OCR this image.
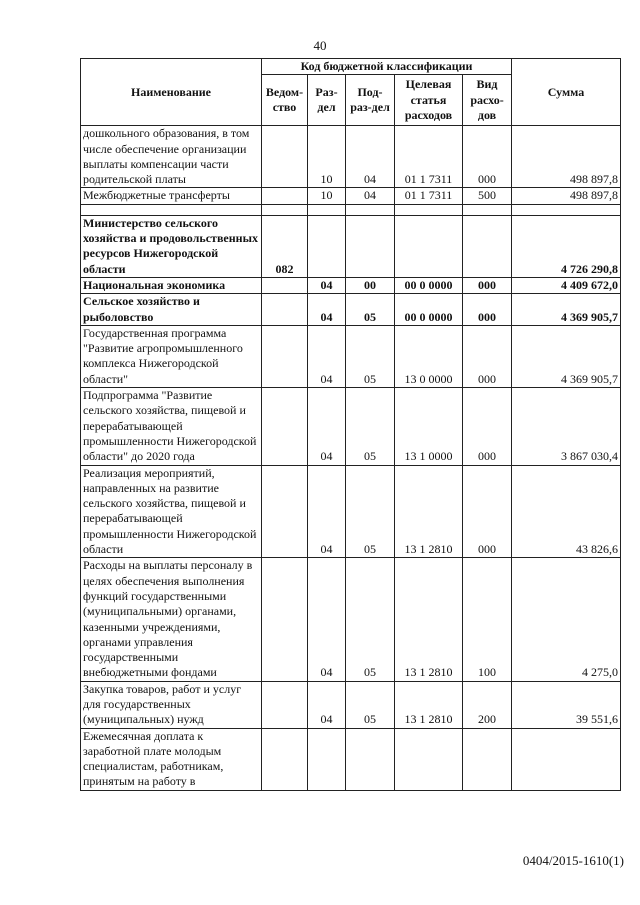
40
Наименование	Код бюджетной классификации					Сумма
	Ведом-ство	Раз-дел	Под-раз-дел	Целевая статья расходов	Вид расхо-дов	
дошкольного образования, в том числе обеспечение организации выплаты компенсации части родительской платы		10	04	01 1 7311	000	498 897,8
Межбюджетные трансферты		10	04	01 1 7311	500	498 897,8

Министерство сельского хозяйства и продовольственных ресурсов Нижегородской области	082					4 726 290,8
Национальная экономика		04	00	00 0 0000	000	4 409 672,0
Сельское хозяйство и рыболовство		04	05	00 0 0000	000	4 369 905,7
Государственная программа "Развитие агропромышленного комплекса Нижегородской области"		04	05	13 0 0000	000	4 369 905,7
Подпрограмма "Развитие сельского хозяйства, пищевой и перерабатывающей промышленности Нижегородской области" до 2020 года		04	05	13 1 0000	000	3 867 030,4
Реализация мероприятий, направленных на развитие сельского хозяйства, пищевой и перерабатывающей промышленности Нижегородской области		04	05	13 1 2810	000	43 826,6
Расходы на выплаты персоналу в целях обеспечения выполнения функций государственными (муниципальными) органами, казенными учреждениями, органами управления государственными внебюджетными фондами		04	05	13 1 2810	100	4 275,0
Закупка товаров, работ и услуг для государственных (муниципальных) нужд		04	05	13 1 2810	200	39 551,6
Ежемесячная доплата к заработной плате молодым специалистам, работникам, принятым на работу в						
0404/2015-1610(1)
